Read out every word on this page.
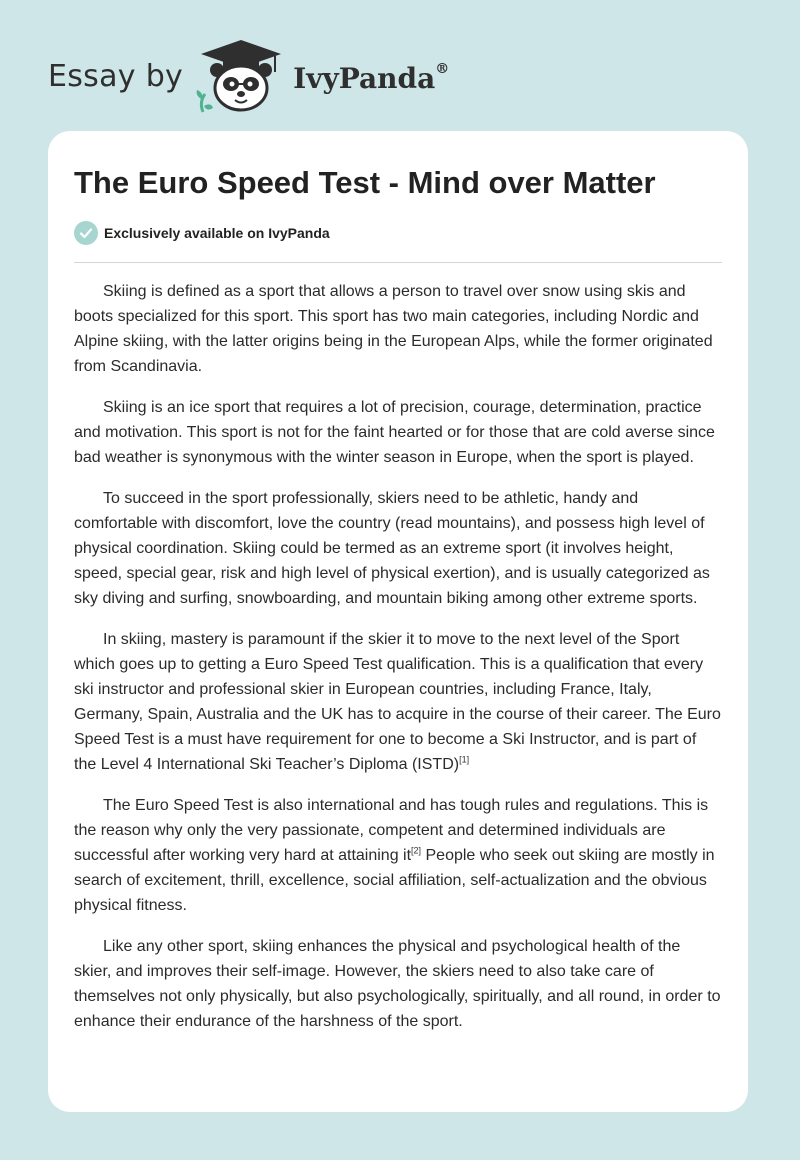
Essay by	IvyPanda®
The Euro Speed Test - Mind over Matter
Exclusively available on IvyPanda

Skiing is defined as a sport that allows a person to travel over snow using skis and boots specialized for this sport. This sport has two main categories, including Nordic and Alpine skiing, with the latter origins being in the European Alps, while the former originated from Scandinavia.

Skiing is an ice sport that requires a lot of precision, courage, determination, practice and motivation. This sport is not for the faint hearted or for those that are cold averse since bad weather is synonymous with the winter season in Europe, when the sport is played.

To succeed in the sport professionally, skiers need to be athletic, handy and comfortable with discomfort, love the country (read mountains), and possess high level of physical coordination. Skiing could be termed as an extreme sport (it involves height, speed, special gear, risk and high level of physical exertion), and is usually categorized as sky diving and surfing, snowboarding, and mountain biking among other extreme sports.

In skiing, mastery is paramount if the skier it to move to the next level of the Sport which goes up to getting a Euro Speed Test qualification. This is a qualification that every ski instructor and professional skier in European countries, including France, Italy, Germany, Spain, Australia and the UK has to acquire in the course of their career. The Euro Speed Test is a must have requirement for one to become a Ski Instructor, and is part of the Level 4 International Ski Teacher’s Diploma (ISTD)[1]

The Euro Speed Test is also international and has tough rules and regulations. This is the reason why only the very passionate, competent and determined individuals are successful after working very hard at attaining it[2] People who seek out skiing are mostly in search of excitement, thrill, excellence, social affiliation, self-actualization and the obvious physical fitness.

Like any other sport, skiing enhances the physical and psychological health of the skier, and improves their self-image. However, the skiers need to also take care of themselves not only physically, but also psychologically, spiritually, and all round, in order to enhance their endurance of the harshness of the sport.
